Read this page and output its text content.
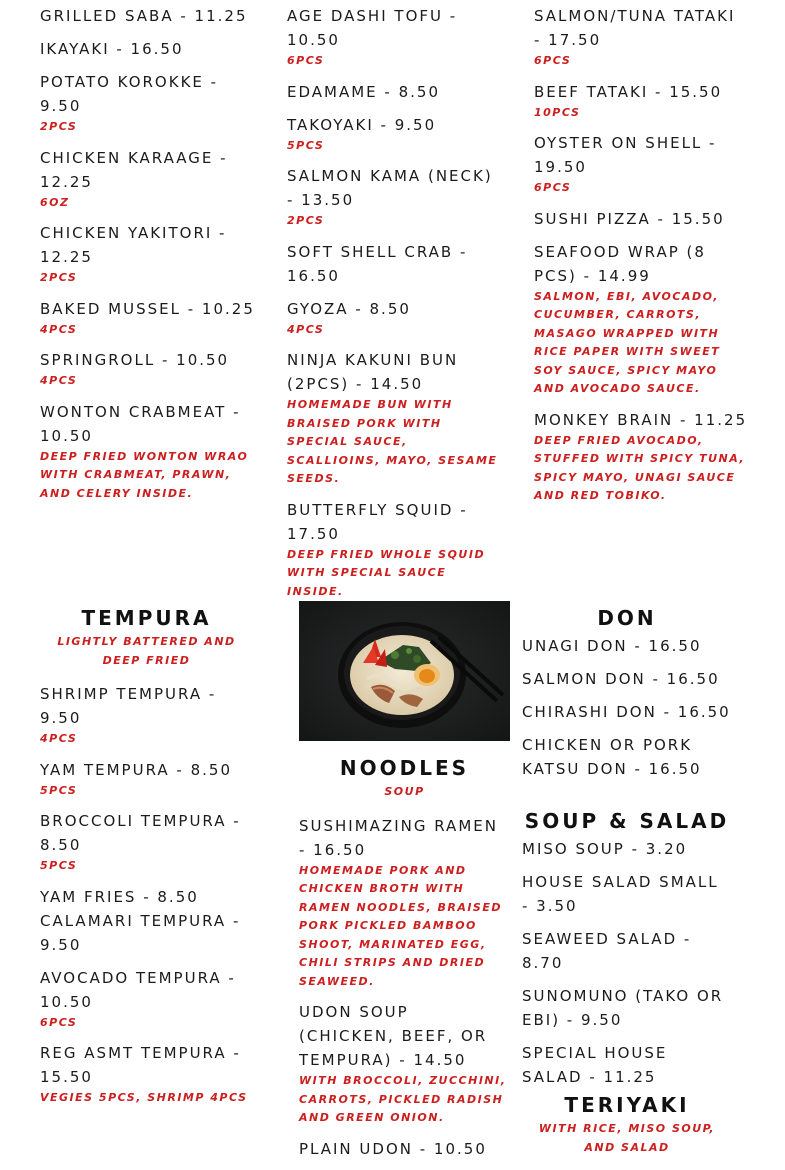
GRILLED SABA - 11.25

IKAYAKI - 16.50

POTATO KOROKKE - 9.50

2PCS

CHICKEN KARAAGE - 12.25

6OZ

CHICKEN YAKITORI - 12.25

2PCS

BAKED MUSSEL - 10.25

4PCS

SPRINGROLL - 10.50

4PCS

WONTON CRABMEAT - 10.50

DEEP FRIED WONTON WRAO WITH CRABMEAT, PRAWN, AND CELERY INSIDE.

AGE DASHI TOFU - 10.50

6PCS

EDAMAME - 8.50

TAKOYAKI - 9.50

5PCS

SALMON KAMA (NECK) - 13.50

2PCS

SOFT SHELL CRAB - 16.50

GYOZA - 8.50

4PCS

NINJA KAKUNI BUN (2PCS) - 14.50

HOMEMADE BUN WITH BRAISED PORK WITH SPECIAL SAUCE, SCALLIOINS, MAYO, SESAME SEEDS.

BUTTERFLY SQUID - 17.50

DEEP FRIED WHOLE SQUID WITH SPECIAL SAUCE INSIDE.

SALMON/TUNA TATAKI - 17.50

6PCS

BEEF TATAKI - 15.50

10PCS

OYSTER ON SHELL - 19.50

6PCS

SUSHI PIZZA - 15.50

SEAFOOD WRAP (8 PCS) - 14.99

SALMON, EBI, AVOCADO, CUCUMBER, CARROTS, MASAGO WRAPPED WITH RICE PAPER WITH SWEET SOY SAUCE, SPICY MAYO AND AVOCADO SAUCE.

MONKEY BRAIN - 11.25

DEEP FRIED AVOCADO, STUFFED WITH SPICY TUNA, SPICY MAYO, UNAGI SAUCE AND RED TOBIKO.

TEMPURA

LIGHTLY BATTERED AND DEEP FRIED

SHRIMP TEMPURA - 9.50

4PCS

YAM TEMPURA - 8.50

5PCS

BROCCOLI TEMPURA - 8.50

5PCS

YAM FRIES - 8.50

CALAMARI TEMPURA - 9.50

AVOCADO TEMPURA - 10.50

6PCS

REG ASMT TEMPURA - 15.50

VEGIES 5PCS, SHRIMP 4PCS

NOODLES

SOUP

SUSHIMAZING RAMEN - 16.50

HOMEMADE PORK AND CHICKEN BROTH WITH RAMEN NOODLES, BRAISED PORK PICKLED BAMBOO SHOOT, MARINATED EGG, CHILI STRIPS AND DRIED SEAWEED.

UDON SOUP (CHICKEN, BEEF, OR TEMPURA) - 14.50

WITH BROCCOLI, ZUCCHINI, CARROTS, PICKLED RADISH AND GREEN ONION.

PLAIN UDON - 10.50

DON

UNAGI DON - 16.50

SALMON DON - 16.50

CHIRASHI DON - 16.50

CHICKEN OR PORK KATSU DON - 16.50

SOUP & SALAD

MISO SOUP - 3.20

HOUSE SALAD SMALL - 3.50

SEAWEED SALAD - 8.70

SUNOMUNO (TAKO OR EBI) - 9.50

SPECIAL HOUSE SALAD - 11.25

TERIYAKI

WITH RICE, MISO SOUP, AND SALAD
